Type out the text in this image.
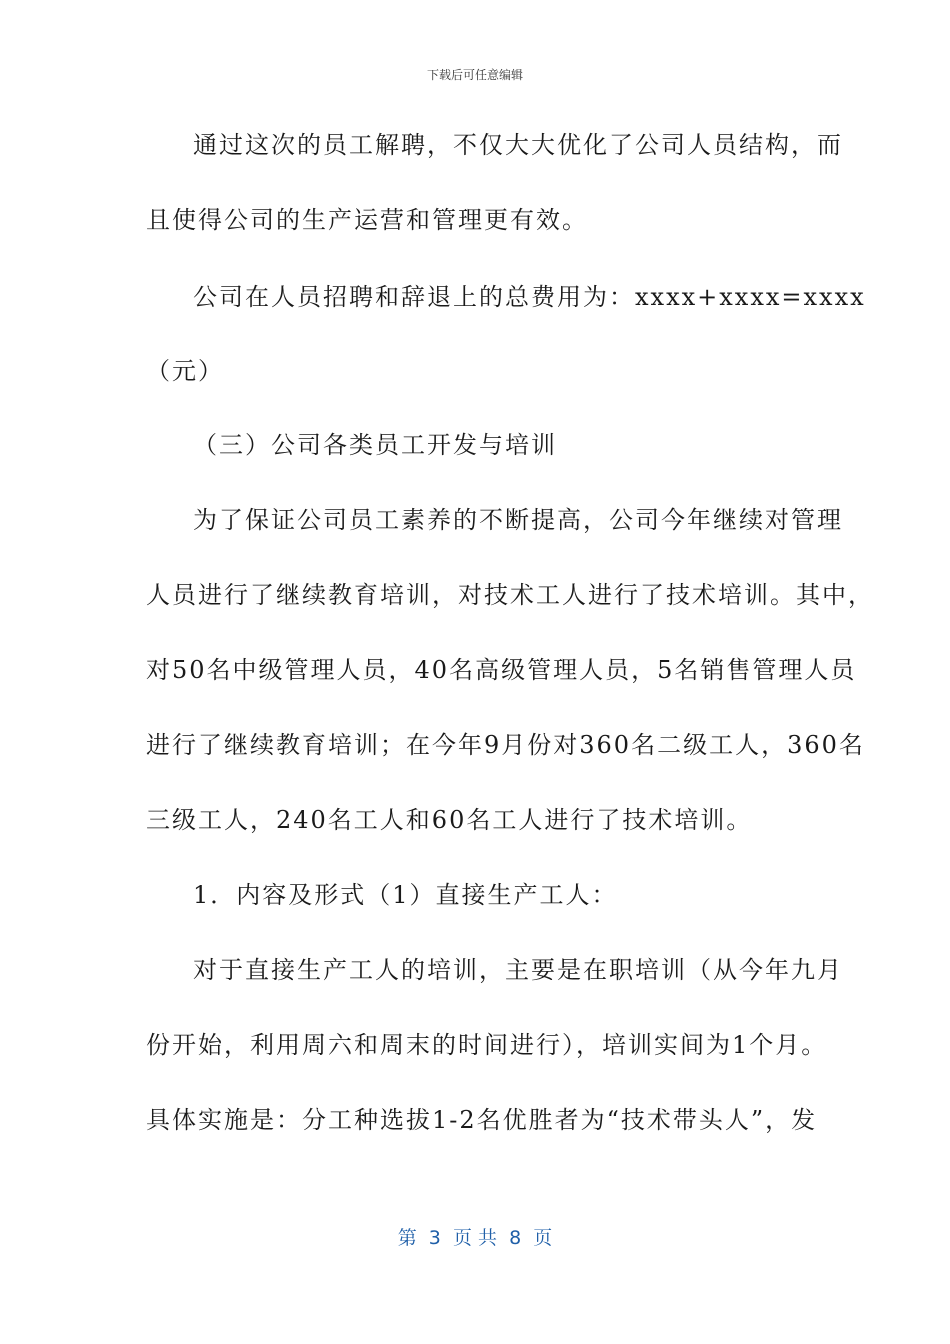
下载后可任意编辑
通过这次的员工解聘，不仅大大优化了公司人员结构，而
且使得公司的生产运营和管理更有效。
公司在人员招聘和辞退上的总费用为：xxxx+xxxx=xxxx
（元）
（三）公司各类员工开发与培训
为了保证公司员工素养的不断提高，公司今年继续对管理
人员进行了继续教育培训，对技术工人进行了技术培训。其中，
对50名中级管理人员，40名高级管理人员，5名销售管理人员
进行了继续教育培训；在今年9月份对360名二级工人，360名
三级工人，240名工人和60名工人进行了技术培训。
1．内容及形式（1）直接生产工人：
对于直接生产工人的培训，主要是在职培训（从今年九月
份开始，利用周六和周末的时间进行），培训实间为1个月。
具体实施是：分工种选拔1-2名优胜者为“技术带头人”，发
第  3  页 共  8  页
